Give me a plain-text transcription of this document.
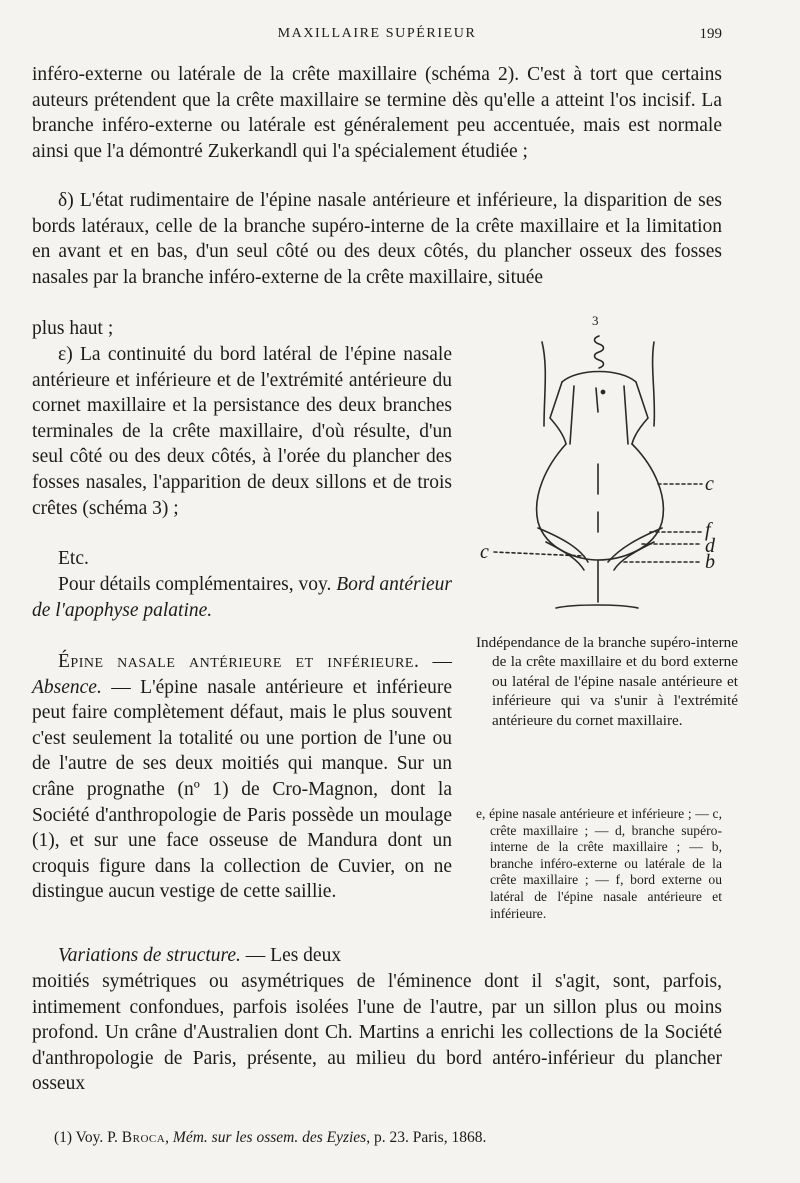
MAXILLAIRE SUPÉRIEUR	199

inféro-externe ou latérale de la crête maxillaire (schéma 2). C'est à tort que certains auteurs prétendent que la crête maxillaire se termine dès qu'elle a atteint l'os incisif. La branche inféro-externe ou latérale est généralement peu accentuée, mais est normale ainsi que l'a démontré Zukerkandl qui l'a spécialement étudiée ;

δ) L'état rudimentaire de l'épine nasale antérieure et inférieure, la disparition de ses bords latéraux, celle de la branche supéro-interne de la crête maxillaire et la limitation en avant et en bas, d'un seul côté ou des deux côtés, du plancher osseux des fosses nasales par la branche inféro-externe de la crête maxillaire, située

plus haut ;

ε) La continuité du bord latéral de l'épine nasale antérieure et inférieure et de l'extrémité antérieure du cornet maxillaire et la persistance des deux branches terminales de la crête maxillaire, d'où résulte, d'un seul côté ou des deux côtés, à l'orée du plancher des fosses nasales, l'apparition de deux sillons et de trois crêtes (schéma 3) ;

Etc.

Pour détails complémentaires, voy. Bord antérieur de l'apophyse palatine.

Épine nasale antérieure et inférieure. — Absence. — L'épine nasale antérieure et inférieure peut faire complètement défaut, mais le plus souvent c'est seulement la totalité ou une portion de l'une ou de l'autre de ses deux moitiés qui manque. Sur un crâne prognathe (nº 1) de Cro-Magnon, dont la Société d'anthropologie de Paris possède un moulage (1), et sur une face osseuse de Mandura dont un croquis figure dans la collection de Cuvier, on ne distingue aucun vestige de cette saillie.

Variations de structure. — Les deux

moitiés symétriques ou asymétriques de l'éminence dont il s'agit, sont, parfois, intimement confondues, parfois isolées l'une de l'autre, par un sillon plus ou moins profond. Un crâne d'Australien dont Ch. Martins a enrichi les collections de la Société d'anthropologie de Paris, présente, au milieu du bord antéro-inférieur du plancher osseux

3
c
f
d
b
c

Indépendance de la branche supéro-interne de la crête maxillaire et du bord externe ou latéral de l'épine nasale antérieure et inférieure qui va s'unir à l'extrémité antérieure du cornet maxillaire.

e, épine nasale antérieure et inférieure ; — c, crête maxillaire ; — d, branche supéro-interne de la crête maxillaire ; — b, branche inféro-externe ou latérale de la crête maxillaire ; — f, bord externe ou latéral de l'épine nasale antérieure et inférieure.

(1) Voy. P. Broca, Mém. sur les ossem. des Eyzies, p. 23. Paris, 1868.
